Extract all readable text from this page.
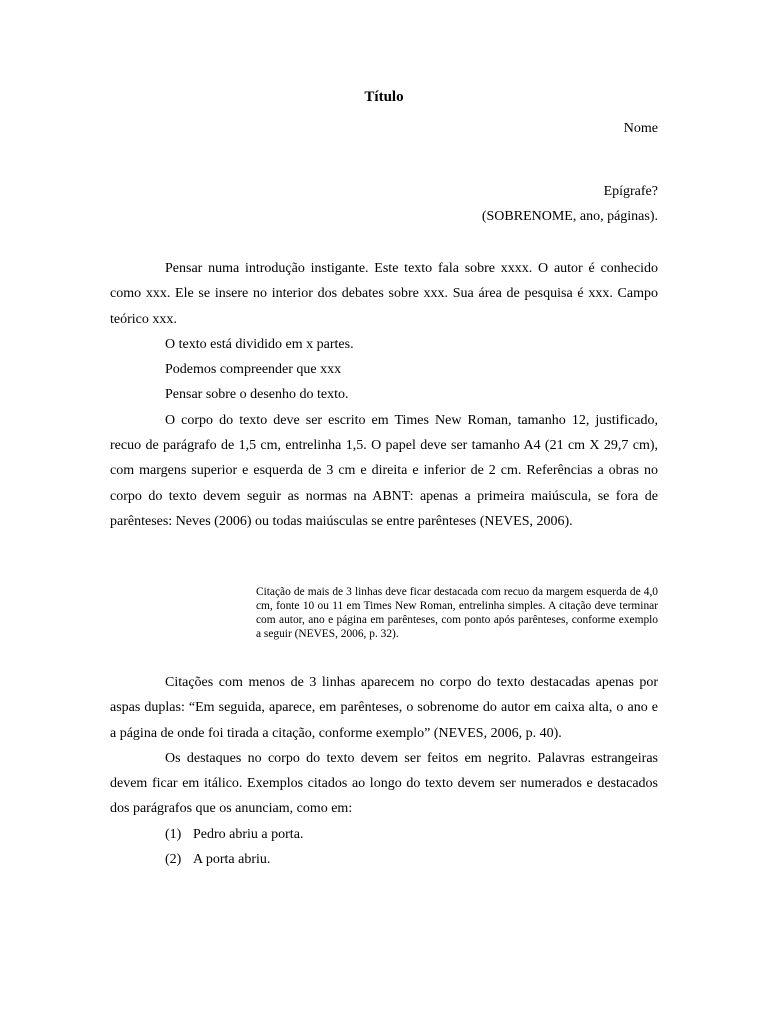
Título
Nome
Epígrafe?
(SOBRENOME, ano, páginas).

Pensar numa introdução instigante. Este texto fala sobre xxxx. O autor é conhecido como xxx. Ele se insere no interior dos debates sobre xxx. Sua área de pesquisa é xxx. Campo teórico xxx.

O texto está dividido em x partes.

Podemos compreender que xxx

Pensar sobre o desenho do texto.

O corpo do texto deve ser escrito em Times New Roman, tamanho 12, justificado, recuo de parágrafo de 1,5 cm, entrelinha 1,5. O papel deve ser tamanho A4 (21 cm X 29,7 cm), com margens superior e esquerda de 3 cm e direita e inferior de 2 cm. Referências a obras no corpo do texto devem seguir as normas na ABNT: apenas a primeira maiúscula, se fora de parênteses: Neves (2006) ou todas maiúsculas se entre parênteses (NEVES, 2006).

Citação de mais de 3 linhas deve ficar destacada com recuo da margem esquerda de 4,0 cm, fonte 10 ou 11 em Times New Roman, entrelinha simples. A citação deve terminar com autor, ano e página em parênteses, com ponto após parênteses, conforme exemplo a seguir (NEVES, 2006, p. 32).

Citações com menos de 3 linhas aparecem no corpo do texto destacadas apenas por aspas duplas: “Em seguida, aparece, em parênteses, o sobrenome do autor em caixa alta, o ano e a página de onde foi tirada a citação, conforme exemplo” (NEVES, 2006, p. 40).

Os destaques no corpo do texto devem ser feitos em negrito. Palavras estrangeiras devem ficar em itálico. Exemplos citados ao longo do texto devem ser numerados e destacados dos parágrafos que os anunciam, como em:

(1) Pedro abriu a porta.

(2) A porta abriu.
